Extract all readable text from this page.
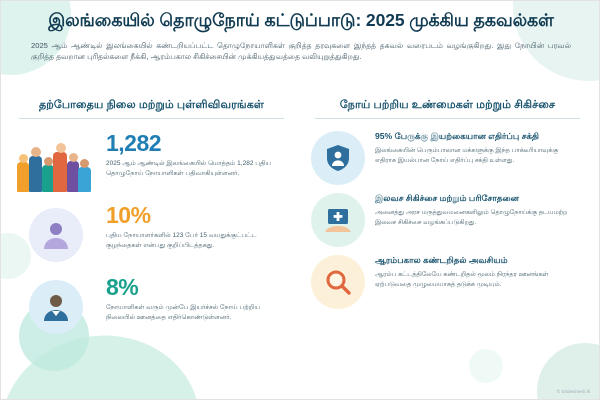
இலங்கையில் தொழுநோய் கட்டுப்பாடு: 2025 முக்கிய தகவல்கள்
2025 ஆம் ஆண்டில் இலங்கையில் கண்டறியப்பட்ட தொழுநோயாளிகள் குறித்த தரவுகளை இந்தத் தகவல் வரைபடம் வழங்குகிறது. இது நோயின் பரவல் குறித்த தவறான புரிதல்களை நீக்கி, ஆரம்பகால சிகிச்சையின் முக்கியத்துவத்தை வலியுறுத்துகிறது.
தற்போதைய நிலை மற்றும் புள்ளிவிவரங்கள்
1,282
2025 ஆம் ஆண்டில் இலங்கையில் மொத்தம் 1,282 புதிய தொழுநோய் நோயாளிகள் பதிவாகியுள்ளனர்.
10%
புதிய நோயாளர்களில் 123 பேர் 15 வயதுக்குட்பட்ட குழந்தைகள் என்பது குறிப்பிடத்தகது.
8%
நோயாளிகள் வரும் முன்பே இயர்ச்சல் நோய் பற்றிய நிலையில் ஊனத்தை எதிர்கொண்டுள்ளனர்.
நோய் பற்றிய உண்மைகள் மற்றும் சிகிச்சை
95% பேருக்கு இயற்கையான எதிர்ப்பு சக்தி
இலங்கையின் பெரும்பாலான மக்களுக்கு இந்த பாக்டீரியாவுக்கு எதிராக இயல்பான நோய் எதிர்ப்பு சக்தி உள்ளது.
இலவச சிகிச்சை மற்றும் பரிசோதனை
அனைத்து அரச மருத்துவமனைகளிலும் தொழுநோய்க்கு தடயமற்ற இலவச சிகிச்சை வழங்கப்படுகிறது.
ஆரம்பகால கண்டறிதல் அவசியம்
ஆரம்ப கட்டத்திலேயே கண்டறிதல் மூலம் நிரந்தர ஊனங்கள் ஏற்படுவதை முழுமையாகத் தடுக்க முடியும்.
© Sridevinesh.lk
